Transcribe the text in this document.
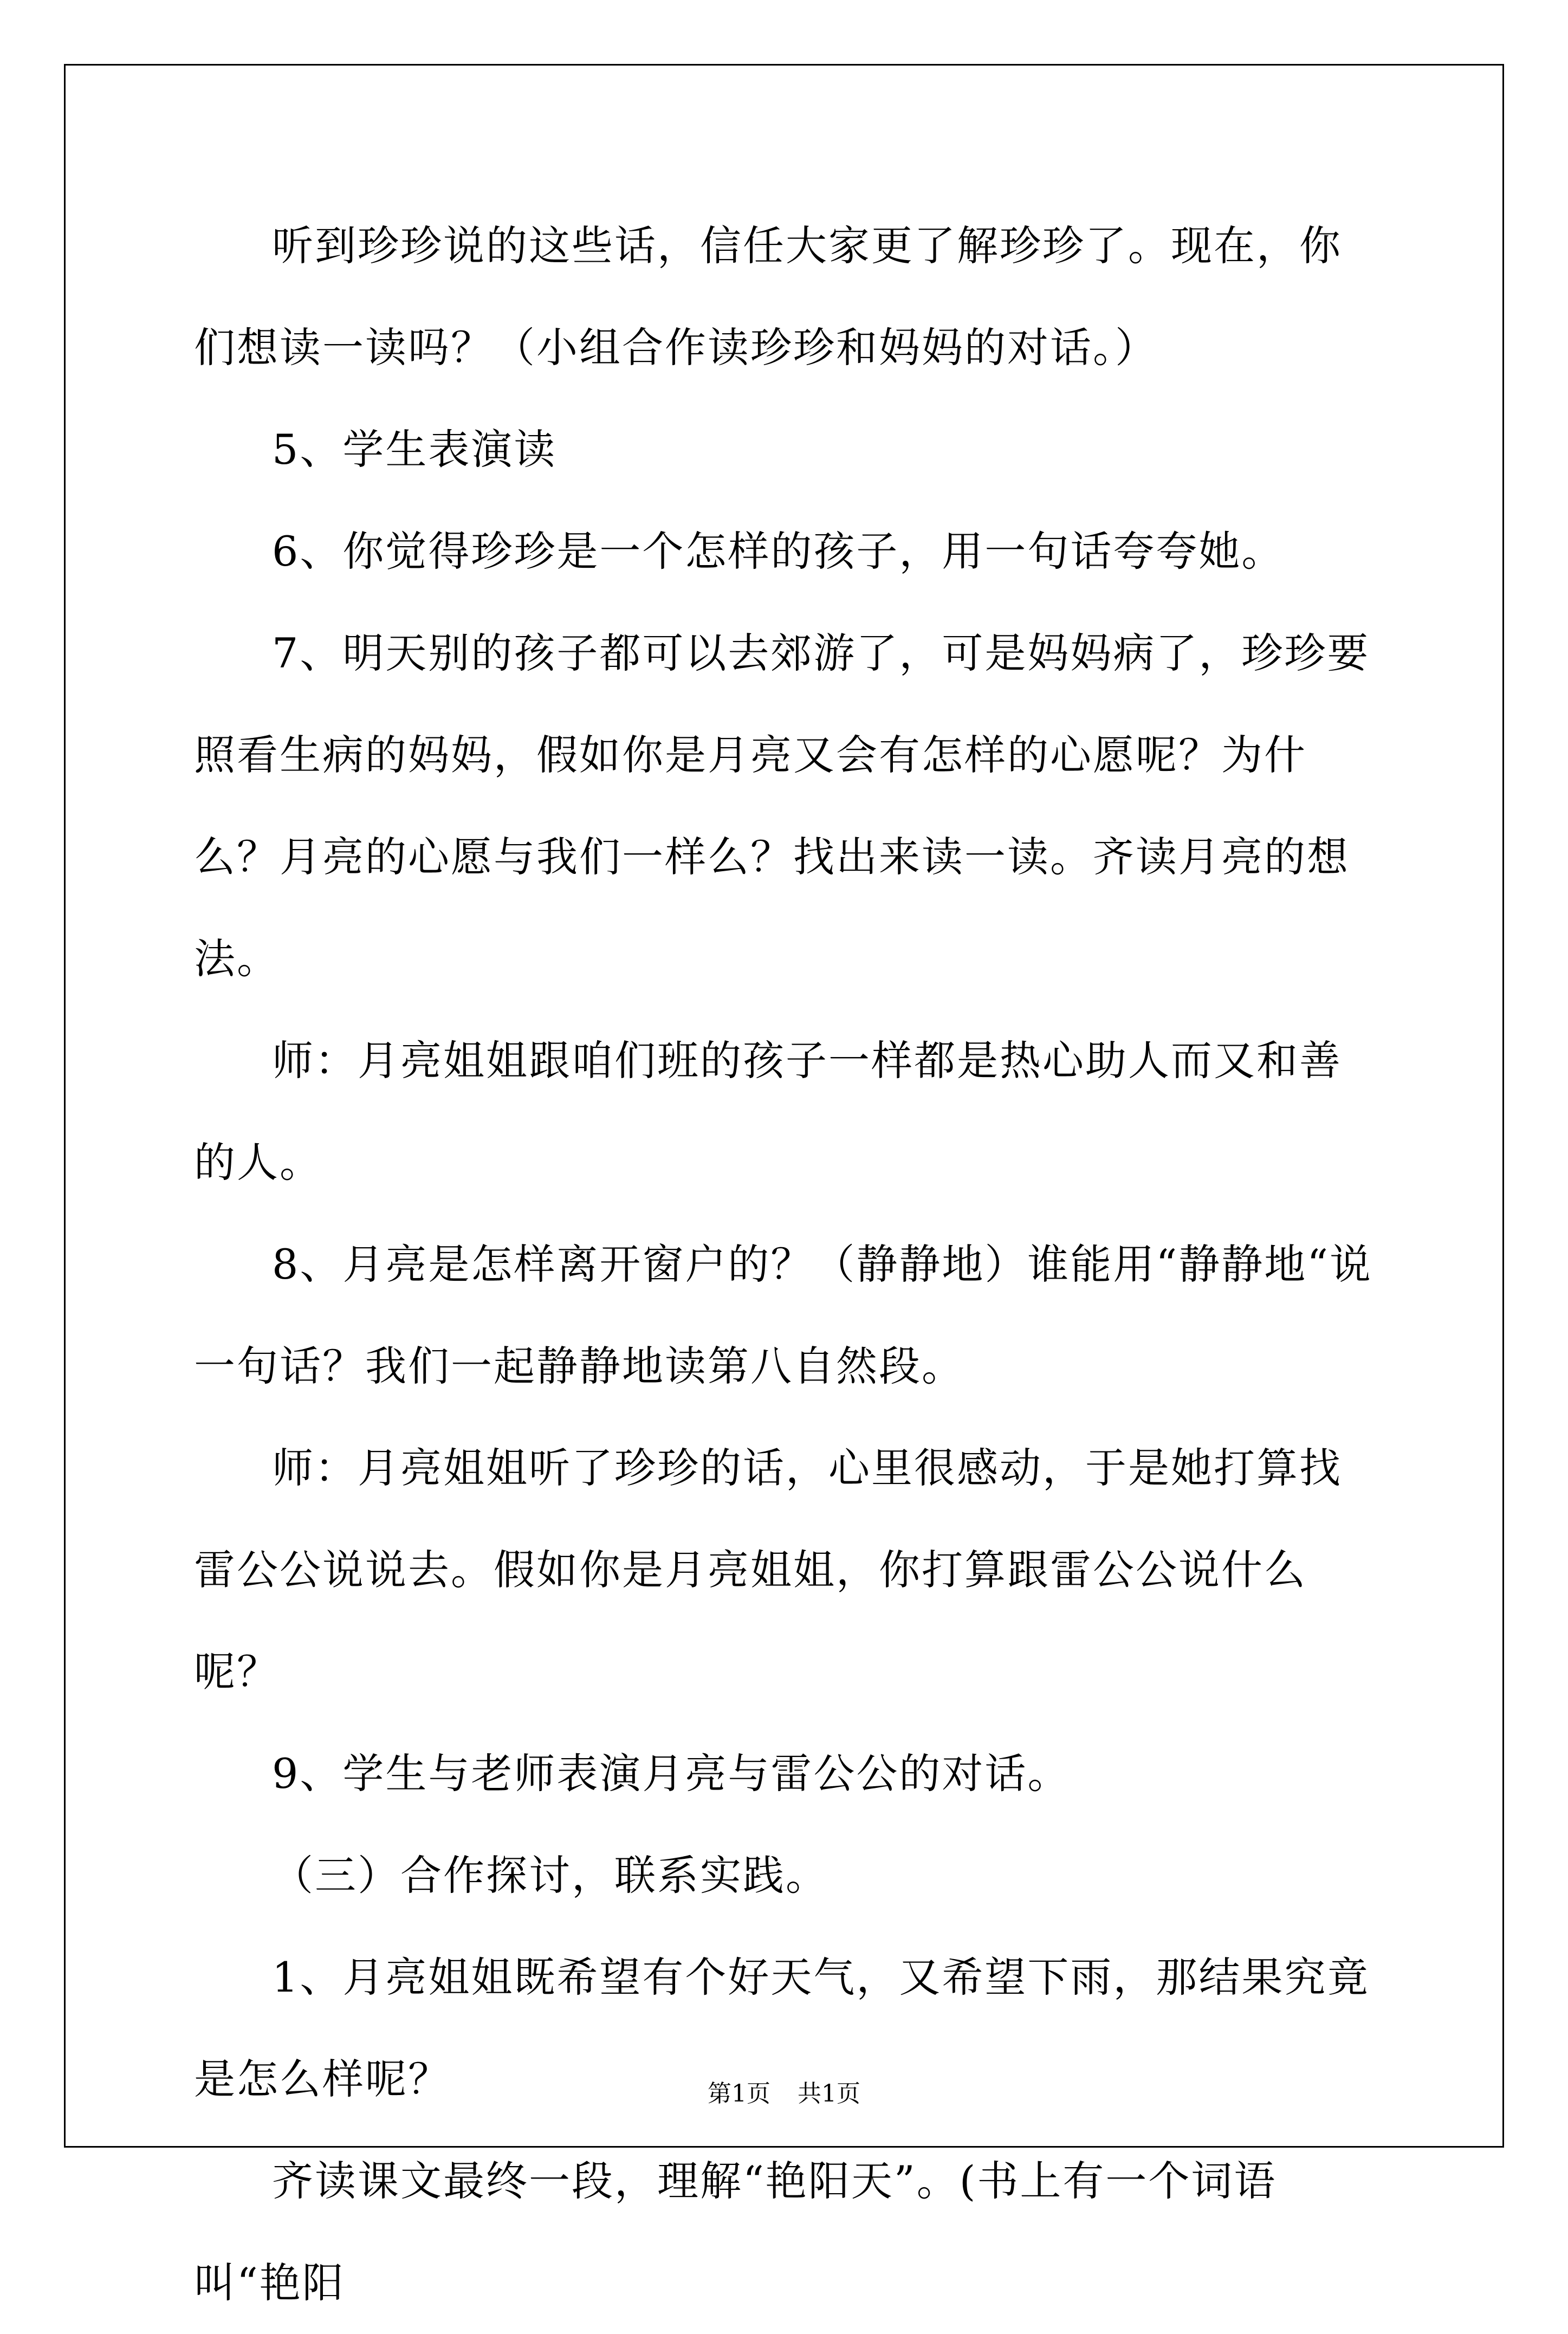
听到珍珍说的这些话，信任大家更了解珍珍了。现在，你们想读一读吗？（小组合作读珍珍和妈妈的对话。）

5、学生表演读

6、你觉得珍珍是一个怎样的孩子，用一句话夸夸她。

7、明天别的孩子都可以去郊游了，可是妈妈病了，珍珍要照看生病的妈妈，假如你是月亮又会有怎样的心愿呢？为什么？月亮的心愿与我们一样么？找出来读一读。齐读月亮的想法。

师：月亮姐姐跟咱们班的孩子一样都是热心助人而又和善的人。

8、月亮是怎样离开窗户的？（静静地）谁能用“静静地“说一句话？我们一起静静地读第八自然段。

师：月亮姐姐听了珍珍的话，心里很感动，于是她打算找雷公公说说去。假如你是月亮姐姐，你打算跟雷公公说什么呢？

9、学生与老师表演月亮与雷公公的对话。

（三）合作探讨，联系实践。

1、月亮姐姐既希望有个好天气，又希望下雨，那结果究竟是怎么样呢？

齐读课文最终一段，理解“艳阳天”。(书上有一个词语叫“艳阳

第1页 共1页
